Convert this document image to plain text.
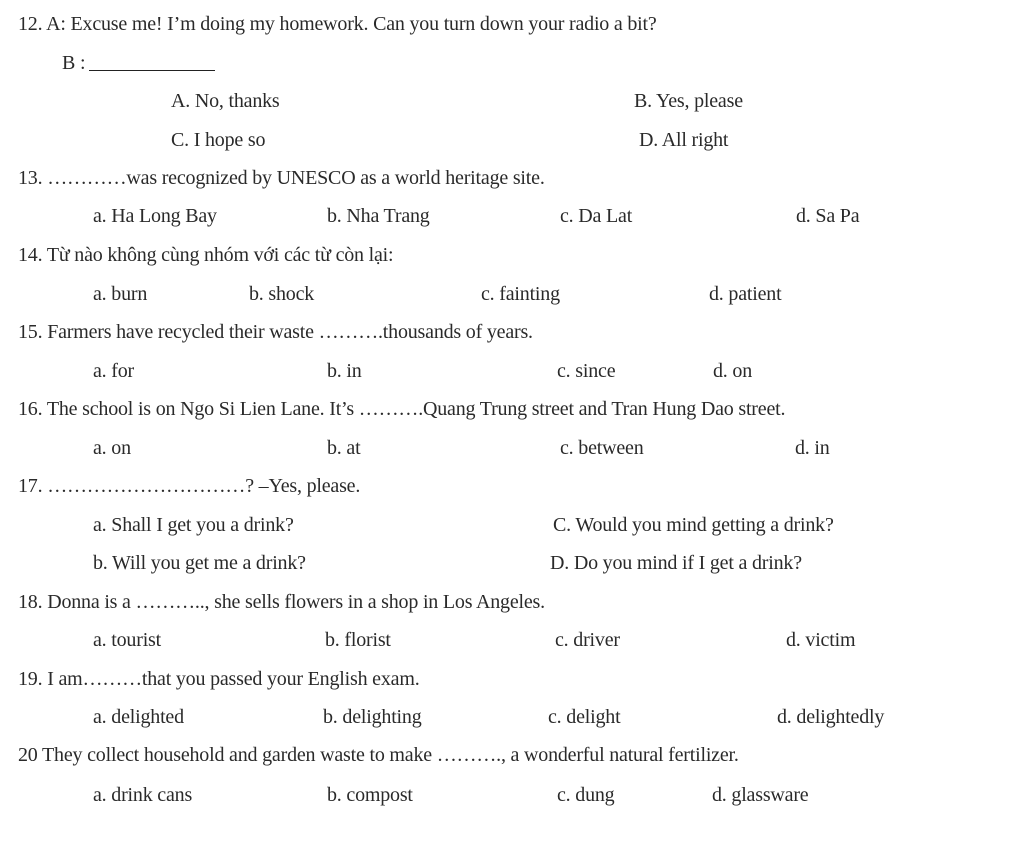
12. A: Excuse me! I’m doing my homework. Can you turn down your radio a bit?
B :
A. No, thanks	B. Yes, please
C. I hope so	D. All right
13. …………was recognized by UNESCO as a world heritage site.
a. Ha Long Bay	b. Nha Trang	c. Da Lat	d. Sa Pa
14. Từ nào không cùng nhóm với các từ còn lại:
a. burn	b. shock	c. fainting	d. patient
15. Farmers have recycled their waste ……….thousands of years.
a. for	b. in	c. since	d. on
16. The school is on Ngo Si Lien Lane. It’s ……….Quang Trung street and Tran Hung Dao street.
a. on	b. at	c. between	d. in
17. …………………………? –Yes, please.
a. Shall I get you a drink?	C. Would you mind getting a drink?
b. Will you get me a drink?	D. Do you mind if I get a drink?
18. Donna is a ……….., she sells flowers in a shop in Los Angeles.
a. tourist	b. florist	c. driver	d. victim
19. I am………that you passed your English exam.
a. delighted	b. delighting	c. delight	d. delightedly
20 They collect household and garden waste to make ………., a wonderful natural fertilizer.
a. drink cans	b. compost	c. dung	d. glassware
